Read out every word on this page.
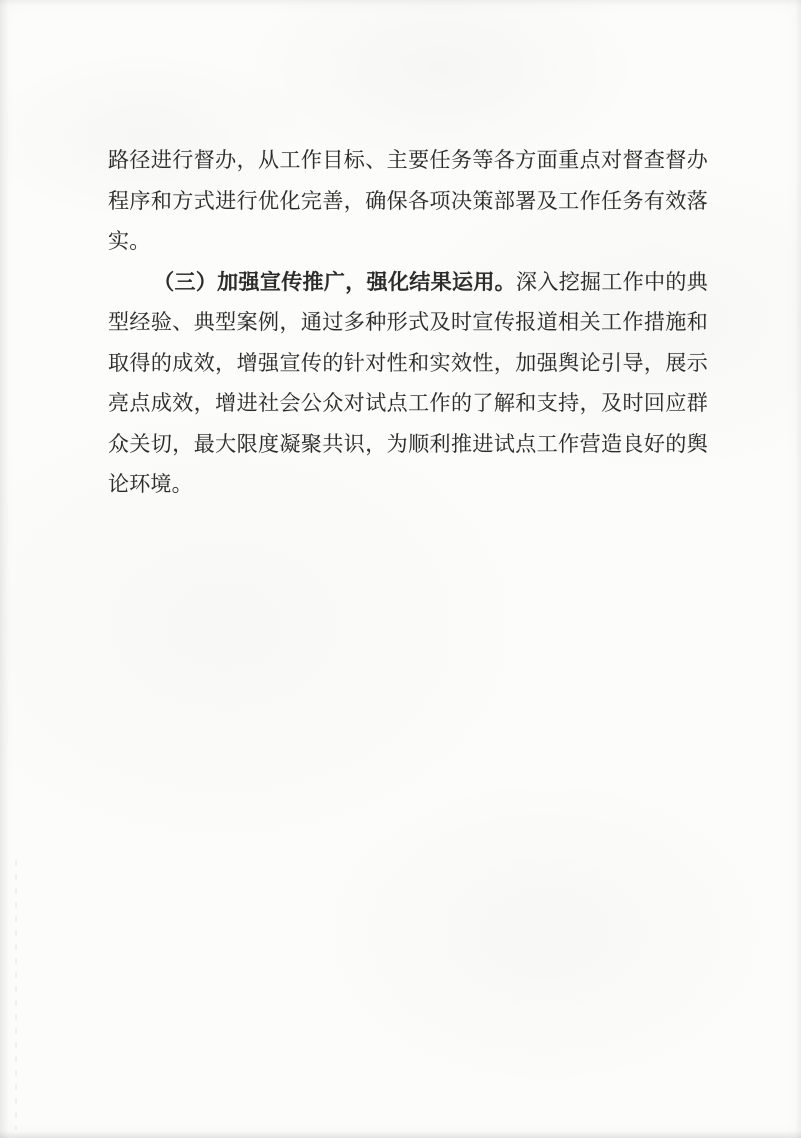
路径进行督办，从工作目标、主要任务等各方面重点对督查督办
程序和方式进行优化完善，确保各项决策部署及工作任务有效落
实。
（三）加强宣传推广，强化结果运用。深入挖掘工作中的典
型经验、典型案例，通过多种形式及时宣传报道相关工作措施和
取得的成效，增强宣传的针对性和实效性，加强舆论引导，展示
亮点成效，增进社会公众对试点工作的了解和支持，及时回应群
众关切，最大限度凝聚共识，为顺利推进试点工作营造良好的舆
论环境。
